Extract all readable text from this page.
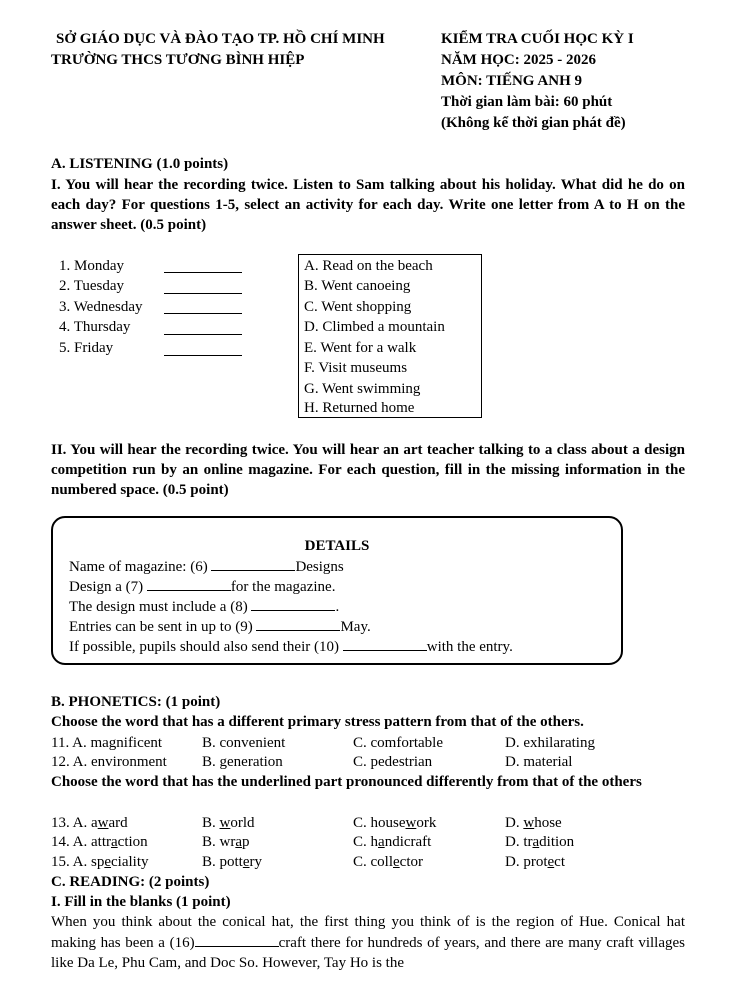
SỞ GIÁO DỤC VÀ ĐÀO TẠO TP. HỒ CHÍ MINH
TRƯỜNG THCS TƯƠNG BÌNH HIỆP
KIỂM TRA CUỐI HỌC KỲ I
NĂM HỌC: 2025 - 2026
MÔN: TIẾNG ANH 9
Thời gian làm bài: 60 phút
(Không kể thời gian phát đề)
A. LISTENING (1.0 points)
I. You will hear the recording twice. Listen to Sam talking about his holiday. What did he do on each day? For questions 1-5, select an activity for each day. Write one letter from A to H on the answer sheet. (0.5 point)
1. Monday
2. Tuesday
3. Wednesday
4. Thursday
5. Friday
A. Read on the beach
B. Went canoeing
C. Went shopping
D. Climbed a mountain
E. Went for a walk
F. Visit museums
G. Went swimming
H. Returned home
II. You will hear the recording twice. You will hear an art teacher talking to a class about a design competition run by an online magazine. For each question, fill in the missing information in the numbered space. (0.5 point)
DETAILS
Name of magazine: (6)	Designs
Design a (7)	for the magazine.
The design must include a (8)	.
Entries can be sent in up to (9)	May.
If possible, pupils should also send their (10)	with the entry.
B. PHONETICS: (1 point)
Choose the word that has a different primary stress pattern from that of the others.
11. A. magnificent	B. convenient	C. comfortable	D. exhilarating
12. A. environment B. generation	C. pedestrian	D. material
Choose the word that has the underlined part pronounced differently from that of the others
13. A. award	B. world	C. housework	D. whose
14. A. attraction	B. wrap	C. handicraft	D. tradition
15. A. speciality	B. pottery	C. collector	D. protect
C. READING: (2 points)
I. Fill in the blanks (1 point)
When you think about the conical hat, the first thing you think of is the region of Hue. Conical hat making has been a (16)	craft there for hundreds of years, and there are many craft villages like Da Le, Phu Cam, and Doc So. However, Tay Ho is the
